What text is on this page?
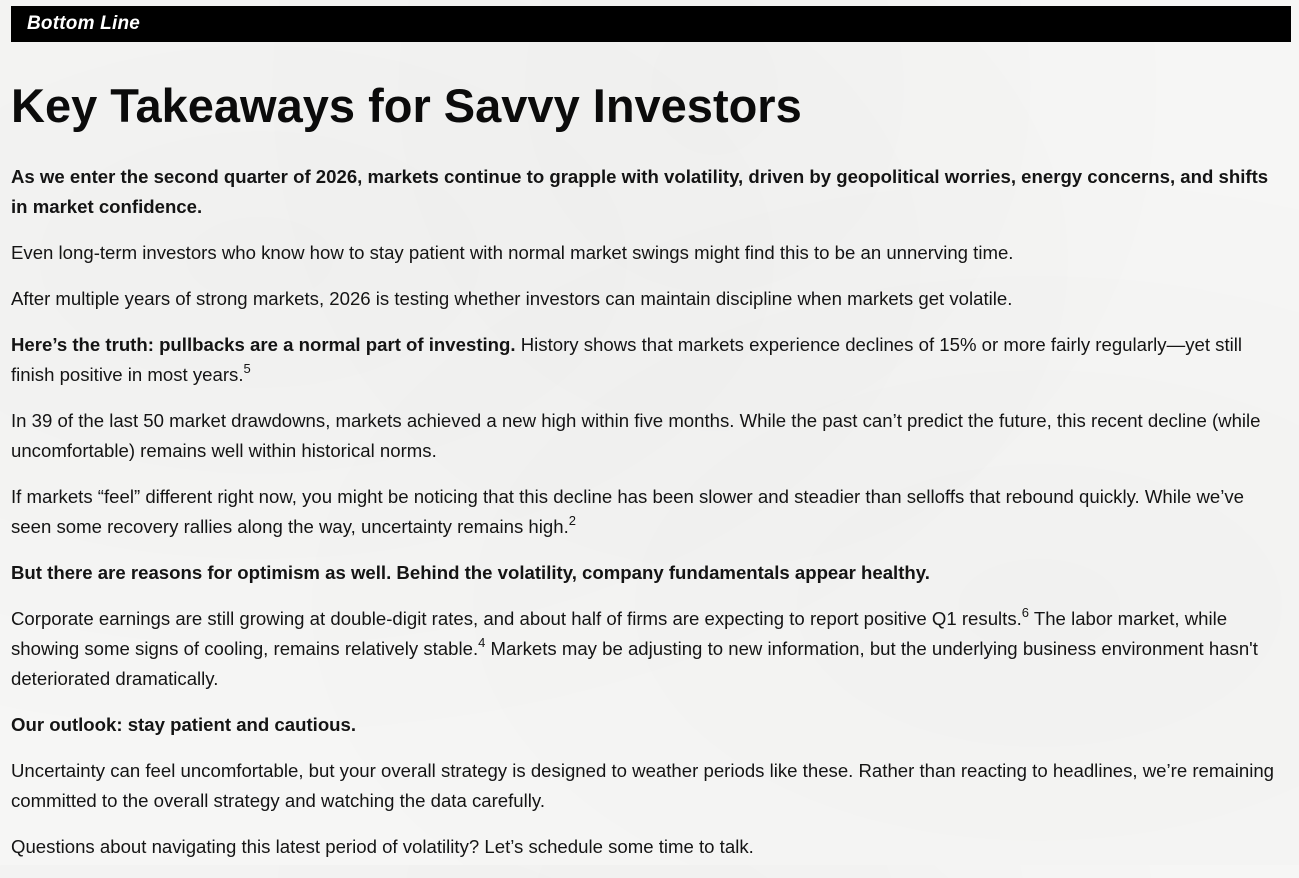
Bottom Line
Key Takeaways for Savvy Investors

As we enter the second quarter of 2026, markets continue to grapple with volatility, driven by geopolitical worries, energy concerns, and shifts in market confidence.

Even long-term investors who know how to stay patient with normal market swings might find this to be an unnerving time.

After multiple years of strong markets, 2026 is testing whether investors can maintain discipline when markets get volatile.

Here’s the truth: pullbacks are a normal part of investing. History shows that markets experience declines of 15% or more fairly regularly—yet still finish positive in most years.$^5$

In 39 of the last 50 market drawdowns, markets achieved a new high within five months. While the past can’t predict the future, this recent decline (while uncomfortable) remains well within historical norms.

If markets “feel” different right now, you might be noticing that this decline has been slower and steadier than selloffs that rebound quickly. While we’ve seen some recovery rallies along the way, uncertainty remains high.$^2$

But there are reasons for optimism as well. Behind the volatility, company fundamentals appear healthy.

Corporate earnings are still growing at double-digit rates, and about half of firms are expecting to report positive Q1 results.$^6$ The labor market, while showing some signs of cooling, remains relatively stable.$^4$ Markets may be adjusting to new information, but the underlying business environment hasn't deteriorated dramatically.

Our outlook: stay patient and cautious.

Uncertainty can feel uncomfortable, but your overall strategy is designed to weather periods like these. Rather than reacting to headlines, we’re remaining committed to the overall strategy and watching the data carefully.

Questions about navigating this latest period of volatility? Let’s schedule some time to talk.
